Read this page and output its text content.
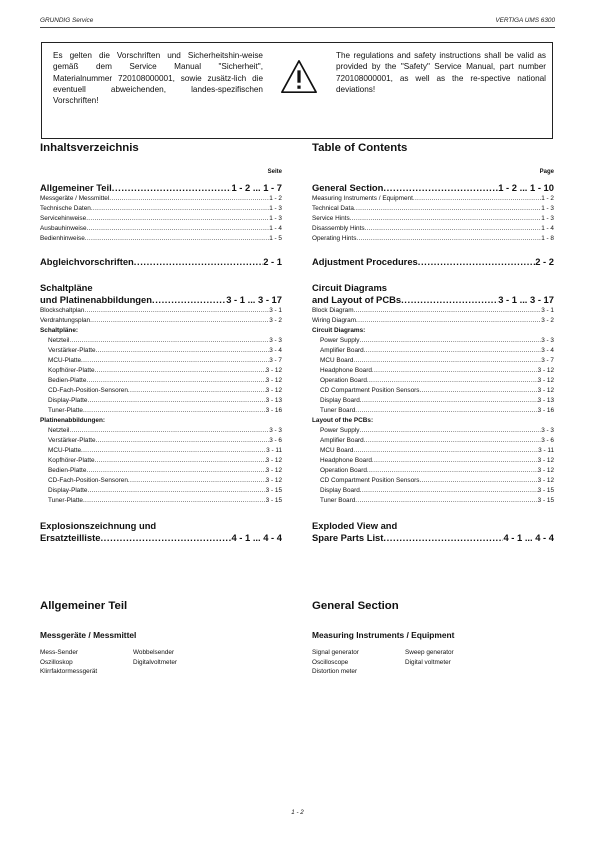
GRUNDIG Service	VERTIGA UMS 6300
Es gelten die Vorschriften und Sicherheitshin-weise gemäß dem Service Manual "Sicherheit", Materialnummer 720108000001, sowie zusätz-lich die eventuell abweichenden, landes-spezifischen Vorschriften!
The regulations and safety instructions shall be valid as provided by the "Safety" Service Manual, part number 720108000001, as well as the re-spective national deviations!
Inhaltsverzeichnis
Seite
Allgemeiner Teil .....	1 - 2 ... 1 - 7
Messgeräte / Messmittel .....	1 - 2
Technische Daten .....	1 - 3
Servicehinweise .....	1 - 3
Ausbauhinweise .....	1 - 4
Bedienhinweise .....	1 - 5
Abgleichvorschriften .....	2 - 1
Schaltpläne
und Platinenabbildungen .....	3 - 1 ... 3 - 17
Blockschaltplan .....	3 - 1
Verdrahtungsplan .....	3 - 2
Schaltpläne:
Netzteil .....	3 - 3
Verstärker-Platte .....	3 - 4
MCU-Platte .....	3 - 7
Kopfhörer-Platte .....	3 - 12
Bedien-Platte .....	3 - 12
CD-Fach-Position-Sensoren .....	3 - 12
Display-Platte .....	3 - 13
Tuner-Platte .....	3 - 16
Platinenabbildungen:
Netzteil .....	3 - 3
Verstärker-Platte .....	3 - 6
MCU-Platte .....	3 - 11
Kopfhörer-Platte .....	3 - 12
Bedien-Platte .....	3 - 12
CD-Fach-Position-Sensoren .....	3 - 12
Display-Platte .....	3 - 15
Tuner-Platte .....	3 - 15
Explosionszeichnung und
Ersatzteilliste .....	4 - 1 ... 4 - 4
Table of Contents
Page
General Section .....	1 - 2 ... 1 - 10
Measuring Instruments / Equipment .....	1 - 2
Technical Data .....	1 - 3
Service Hints .....	1 - 3
Disassembly Hints .....	1 - 4
Operating Hints .....	1 - 8
Adjustment Procedures .....	2 - 2
Circuit Diagrams
and Layout of PCBs .....	3 - 1 ... 3 - 17
Block Diagram .....	3 - 1
Wiring Diagram .....	3 - 2
Circuit Diagrams:
Power Supply .....	3 - 3
Amplifier Board .....	3 - 4
MCU Board .....	3 - 7
Headphone Board .....	3 - 12
Operation Board .....	3 - 12
CD Compartment Position Sensors .....	3 - 12
Display Board .....	3 - 13
Tuner Board .....	3 - 16
Layout of the PCBs:
Power Supply .....	3 - 3
Amplifier Board .....	3 - 6
MCU Board .....	3 - 11
Headphone Board .....	3 - 12
Operation Board .....	3 - 12
CD Compartment Position Sensors .....	3 - 12
Display Board .....	3 - 15
Tuner Board .....	3 - 15
Exploded View and
Spare Parts List .....	4 - 1 ... 4 - 4
Allgemeiner Teil
Messgeräte / Messmittel
Mess-Sender	Wobbelsender
Oszilloskop	Digitalvoltmeter
Klirrfaktormessgerät
General Section
Measuring Instruments / Equipment
Signal generator	Sweep generator
Oscilloscope	Digital voltmeter
Distortion meter
1 - 2
